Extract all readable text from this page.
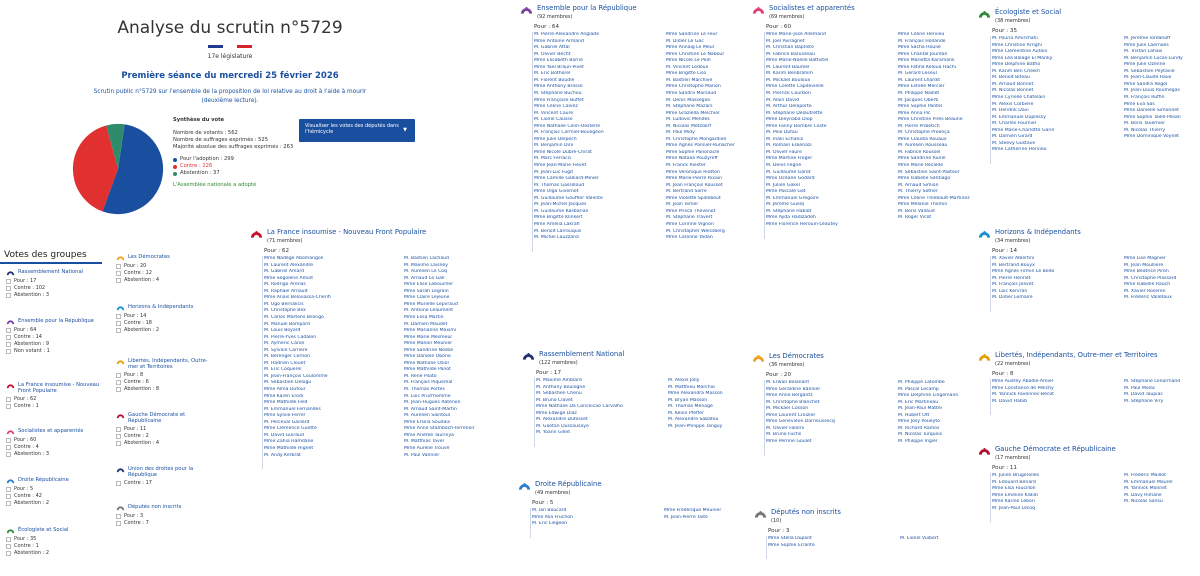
Analyse du scrutin n°5729
17e législature
Première séance du mercredi 25 février 2026
Scrutin public n°5729 sur l'ensemble de la proposition de loi relative au droit à l'aide à mourir (deuxième lecture).
Synthèse du vote
Nombre de votants : 562
Nombre de suffrages exprimés : 525
Majorité absolue des suffrages exprimés : 263
Pour l'adoption : 299
Contre : 226
Abstention : 37
L'Assemblée nationale a adopté
Visualiser les votes des députés dans l'hémicycle	▼
Votes des groupes
Rassemblement National
Pour : 17
Contre : 102
Abstention : 3
Ensemble pour la République
Pour : 64
Contre : 14
Abstention : 9
Non votant : 1
La France insoumise - Nouveau Front Populaire
Pour : 62
Contre : 1
Socialistes et apparentés
Pour : 60
Contre : 4
Abstention : 3
Droite Républicaine
Pour : 5
Contre : 42
Abstention : 2
Écologiste et Social
Pour : 35
Contre : 1
Abstention : 2
Les Démocrates
Pour : 20
Contre : 12
Abstention : 4
Horizons & Indépendants
Pour : 14
Contre : 18
Abstention : 2
Libertés, Indépendants, Outre-mer et Territoires
Pour : 8
Contre : 6
Abstention : 8
Gauche Démocrate et Républicaine
Pour : 11
Contre : 2
Abstention : 4
Union des droites pour la République
Contre : 17
Députés non inscrits
Pour : 3
Contre : 7
Ensemble pour la République
(92 membres)
Pour : 64
M. Pierre-Alexandre Anglade
Mme Antoine Armand
M. Gabriel Attal
M. Olivier Becht
Mme Élisabeth Borne
Mme Yaël Braun-Pivet
M. Éric Bothorel
M. Florent Boudié
Mme Anthony Brosse
M. Stéphane Buchou
Mme Françoise Buffet
Mme Céline Calvez
M. Vincent Caure
M. Lionel Causse
Mme Nathalie Colin-Oesterlé
M. François Cormier-Bouligeon
Mme Julie Delpech
M. Benjamin Dirx
Mme Nicole Dubré-Chirat
M. Marc Ferracci
Mme Jean-Marie Fiévet
M. Jean-Luc Fugit
Mme Camille Galliard-Minier
M. Thomas Gassilloud
Mme Olga Givernet
M. Guillaume Gouffier Valente
M. Jean-Michel Jacques
M. Guillaume Kasbarian
Mme Brigitte Klinkert
Mme Amélia Lakrafi
M. Benoît Larrouquis
M. Michel Lauzzana
Mme Sandrine Le Feur
M. Didier Le Gac
Mme Annaïg Le Meur
Mme Christine Le Nabour
Mme Nicole Le Peih
M. Vincent Ledoux
Mme Brigitte Liso
M. Bastien Marchive
Mme Christophe Marion
Mme Sandra Marsaud
M. Denis Masséglia
M. Stéphane Mazars
Mme Graziella Melchior
M. Ludovic Mendes
M. Nicolas Metzdorf
M. Paul Midy
M. Christophe Mongardien
Mme Agnès Pannier-Runacher
Mme Sophie Panonacle
Mme Natalia Pouzyreff
M. Franck Riester
Mme Véronique Riotton
Mme Marie-Pierre Rixain
M. Jean François Rousset
M. Bertrand Sorre
Mme Violette Spillebout
M. Jean Terlier
Mme Prisca Thevenot
M. Stéphane Travert
Mme Corinne Vignon
M. Christopher Weissberg
Mme Caroline Yadan
Socialistes et apparentés
(69 membres)
Pour : 60
Mme Marie-José Allemand
M. Joël Aviragnet
M. Christian Baptiste
M. Fabrice Barusseau
Mme Marie-Noëlle Battistel
M. Laurent Baumel
M. Karim Benbrahim
M. Mickaël Bouloux
Mme Colette Capdevielle
M. Pierrick Courbon
M. Alain David
M. Arthur Delaporte
M. Stéphane Delautrette
Mme Dieynaba Diop
Mme Fanny Dombre Coste
M. Peio Dufau
M. Inaki Echaniz
M. Romain Eskenazi
M. Olivier Faure
Mme Martine Froger
M. Denis Fégné
M. Guillaume Garot
Mme Océane Godard
M. Julien Gokel
Mme Pascale Got
M. Emmanuel Grégoire
M. Jérôme Guedj
M. Stéphane Hablot
Mme Ayda Hadizadeh
Mme Florence Herouin-Léautey
Mme Céline Hervieu
M. François Hollande
Mme Sacha Houlié
Mme Chantal Jourdan
Mme Marietta Karamanli
Mme Fatiha Keloua Hachi
M. Gérard Leseul
M. Laurent Lhardit
Mme Estelle Mercier
M. Philippe Naillet
M. Jacques Oberti
Mme Sophie Pantel
Mme Anna Pic
Mme Christine Pirès Beaune
M. Pierre Pribetich
M. Christophe Proença
Mme Claudia Rouaux
M. Aurélien Rousseau
M. Fabrice Roussel
Mme Sandrine Runel
Mme Marie Récalde
M. Sébastien Saint-Pasteur
Mme Isabelle Santiago
M. Arnaud Simion
M. Thierry Sother
Mme Céline Thiébault-Martinez
Mme Mélanie Thomin
M. Boris Vallaud
M. Roger Vicot
Écologiste et Social
(38 membres)
Pour : 35
M. Pouria Amirshahi
Mme Christine Arrighi
Mme Clémentine Autain
Mme Léa Balage El Mariky
Mme Delphine Batho
M. Karim Ben Cheïkh
M. Benoît Biteau
M. Arnaud Bonnet
M. Nicolas Bonnet
Mme Cyrielle Chatelain
M. Alexis Corbière
M. Hendrik Davi
M. Emmanuel Duplessy
M. Charles Fournier
Mme Marie-Charlotte Garin
M. Damien Girard
M. Steevy Gustave
Mme Catherine Hervieu
M. Jérémie Iordanoff
Mme Julie Laernoes
M. Tristan Lahais
M. Benjamin Lucas-Lundy
Mme Julie Ozenne
M. Sébastien Peytavie
M. Jean-Claude Raux
Mme Sandra Regol
M. Jean-Louis Roumégas
M. François Ruffin
Mme Eva Sas
Mme Danielle Simonnet
Mme Sophie Taillé-Polian
M. Boris Tavernier
M. Nicolas Thierry
Mme Dominique Voynet
La France insoumise - Nouveau Front Populaire
(71 membres)
Pour : 62
Mme Nadège Abomangoli
M. Laurent Alexandre
M. Gabriel Amard
Mme Ségolène Amiot
M. Rodrigo Arenas
M. Raphaël Arnault
Mme Anaïs Belouassa-Cherifi
M. Ugo Bernalicis
M. Christophe Bex
M. Carlos Martens Bilongo
M. Manuel Bompard
M. Louis Boyard
M. Pierre-Yves Cadalen
M. Aymeric Caron
M. Sylvain Carrière
M. Bérenger Cernon
M. Hadrien Clouet
M. Éric Coquerel
M. Jean-François Coulomme
M. Sébastien Delogu
Mme Alma Dufour
Mme Karen Erodi
Mme Mathilde Feld
M. Emmanuel Fernandes
Mme Sylvie Ferrer
M. Perceval Gaillard
Mme Clémence Guetté
M. David Guiraud
Mme Zahia Hamdane
Mme Mathilde Hignet
M. Andy Kerbrat
M. Bastien Lachaud
M. Maxime Laisney
M. Aurélien Le Coq
M. Arnaud Le Gall
Mme Élise Leboucher
Mme Sarah Legrain
Mme Claire Lejeune
Mme Murielle Lepvraud
M. Antoine Léaument
Mme Élisa Martin
M. Damien Maudet
Mme Marianne Maximi
Mme Marie Mesmeur
Mme Manon Meunier
Mme Sandrine Nosbé
Mme Danièle Obono
Mme Nathalie Oziol
Mme Mathilde Panot
M. René Pilato
M. François Piquemal
M. Thomas Portes
M. Loïc Prud'homme
M. Jean-Hugues Ratenon
M. Arnaud Saint-Martin
M. Aurélien Saintoul
Mme Ersilia Soudais
Mme Anne Stambach-Terrenoir
Mme Andrée Taurinya
M. Matthias Tavel
Mme Aurélie Trouvé
M. Paul Vannier
Horizons & Indépendants
(34 membres)
Pour : 14
M. Xavier Albertini
M. Bertrand Bouyx
Mme Agnès Firmin Le Bodo
M. Pierre Henriet
M. François Jolivet
M. Loïc Kervran
M. Didier Lemaire
Mme Lise Magnier
M. Jean Moulliere
Mme Béatrice Piron
M. Christophe Plassard
Mme Isabelle Rauch
M. Xavier Roseren
M. Frédéric Valletoux
Rassemblement National
(122 membres)
Pour : 17
M. Maxime Amblard
M. Anthony Boulogne
M. Sébastien Chenu
M. Bruno Clavet
Mme Nathalie Da Conceicao Carvalho
Mme Edwige Diaz
M. Alexandre Dufosset
M. Gaëtan Dussausaye
M. Yoann Gillet
M. Alexis Jolly
M. Matthieu Marchio
Mme Alexandra Masson
M. Bryan Masson
M. Thomas Ménagé
M. Kévin Pfeffer
M. Alexandre Sabatou
M. Jean-Philippe Tanguy
Les Démocrates
(36 membres)
Pour : 20
M. Erwan Balanant
Mme Géraldine Bannier
Mme Anne Bergantz
M. Christophe Blanchet
M. Mickaël Cosson
Mme Laurent Croizier
Mme Geneviève Darrieussecq
M. Olivier Falorni
M. Bruno Fuchs
Mme Perrine Goulet
M. Philippe Latombe
M. Pascal Lecamp
Mme Delphine Lingemann
M. Éric Martineau
M. Jean-Paul Mattei
M. Hubert Ott
Mme Josy Poueyto
M. Richard Ramos
M. Nicolas Turquois
M. Philippe Vigier
Libertés, Indépendants, Outre-mer et Territoires
(22 membres)
Pour : 8
Mme Audrey Abadie-Amiel
Mme Constance de Pélichy
M. Yannick Favennec-Bécot
M. David Habib
M. Stéphane Lenormand
M. Paul Molac
M. David Taupiac
M. Stéphane Viry
Droite Républicaine
(49 membres)
Pour : 5
M. Ian Boucard
Mme Alia Fruchon
M. Éric Liégeon
Mme Frédérique Meunier
M. Jean-Pierre Taite
Députés non inscrits
(10)
Pour : 3
Mme Stella Dupont
Mme Sophie Errante
M. Lionel Vuibert
Gauche Démocrate et Républicaine
(17 membres)
Pour : 11
M. Julien Brugerolles
M. Édouard Bénard
Mme Elsa Faucillon
Mme Emeline K/Bidi
Mme Karine Lebon
M. Jean-Paul Lecoq
M. Frédéric Maillot
M. Emmanuel Maurel
M. Yannick Monnet
M. Davy Rimane
M. Nicolas Sansu
